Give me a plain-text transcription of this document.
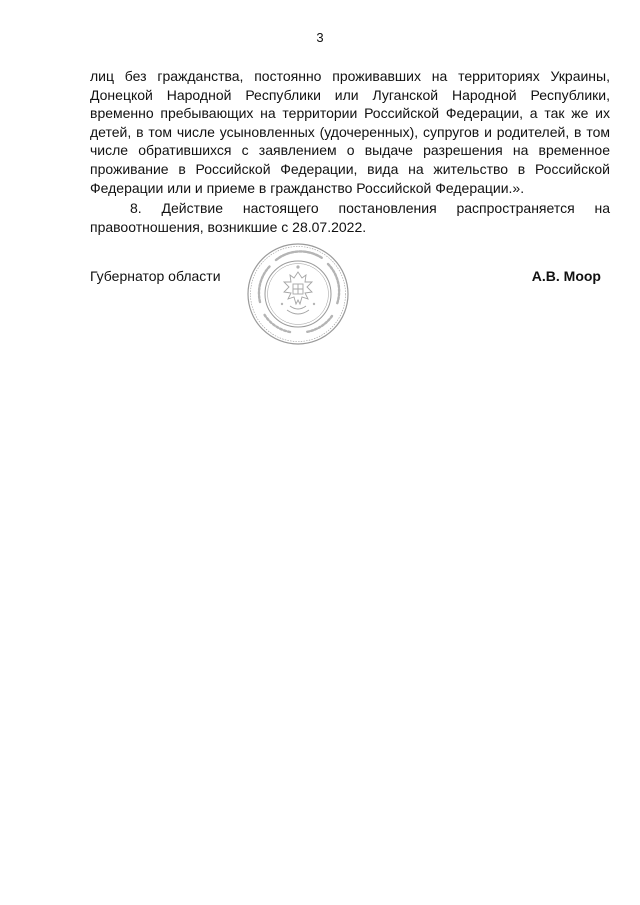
3

лиц без гражданства, постоянно проживавших на территориях Украины, Донецкой Народной Республики или Луганской Народной Республики, временно пребывающих на территории Российской Федерации, а так же их детей, в том числе усыновленных (удочеренных), супругов и родителей, в том числе обратившихся с заявлением о выдаче разрешения на временное проживание в Российской Федерации, вида на жительство в Российской Федерации или и приеме в гражданство Российской Федерации.».

8. Действие настоящего постановления распространяется на правоотношения, возникшие с 28.07.2022.

Губернатор области	А.В. Моор
